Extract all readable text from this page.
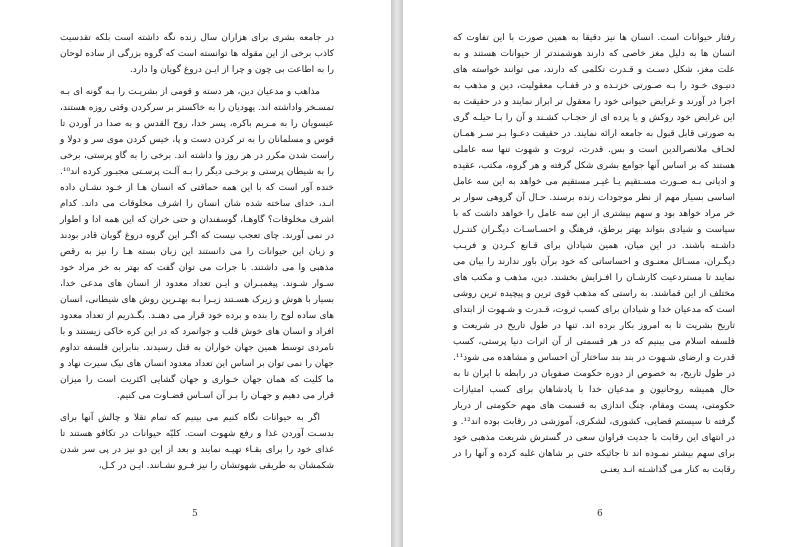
در جامعه بشری برای هزاران سال زنده نگه داشته است بلکه تقدسیت کاذب برخی از این مقوله ها توانسته است که گروه بزرگی از ساده لوحان را به اطاعت بی چون و چرا از ایـن دروغ گویان وا دارد.

مذاهب و مدعیان دین، هر دسته و قومی از بشریـت را بـه گونه ای بـه تمسـخر واداشته اند. یهودیان را به خاکستر بر سرکردن وقتی روزه هستند، عیسویان را به مـریم باکره، پسر خدا، روح القدس و به صدا در آوردن تا قوس و مسلمانان را به تر کردن دست و پا، خیس کردن موی سر و دولا و راست شدن مکرر در هر روز وا داشته اند. برخی را به گاو پرستی، برخی را به شیطان پرستی و برخـی دیگر را بـه آلـت پرسـتی مجبـور کرده اند¹⁰. خنده آور است که با این همه حماقتی که انسان هـا از خـود نشـان داده انـد، خدای ساخته شده شان انسان را اشرف مخلوقات می داند. کدام اشرف مخلوقات؟ گاوهـا، گوسفندان و حتی خران که این همه ادا و اطوار در نمی آورند. چای تعجب نیست که اگـر این گروه دروغ گویان قادر بودند و زبان این حیوانات را می دانستند این زبان بسته هـا را نیز به رقص مذهبی وا می داشتند. با جرات می توان گفت که بهتر به خر مراد خود سـوار شـوند. پیغمبـران و ایـن تعداد معدود از انسان های مدعی خدا، بسیار با هوش و زیرک هسـتند زیـرا بـه بهتـرین روش های شیطانی، انسان های ساده لوح را بنده و برده خود قرار می دهنـد. بگـذریم از تعداد معدود افراد و انسان های خوش قلب و جوانمرد که در این کره خاکی زیستند و با نامردی توسط همین جهان خواران به قتل رسیدند. بنابراین فلسفه تداوم جهان را نمی توان بر اساس این تعداد معدود انسان های نیک سیرت نهاد و ما کلیت که همان جهان خـواری و جهان گشایی اکثریت است را میزان قرار می دهیم و جهـان را بـر آن اسـاس قضـاوت می کنیم.

اگر به حیوانات نگاه کنیم می بینیم که تمام تقلا و چالش آنها برای بدسـت آوردن غذا و رفع شهوت است. کلیّه حیوانات در تکافو هستند تا غذای خود را برای بقـاء تهیـه نمایند و بعد از این دو نیز در پی سر شدن شکمشان به طریقی شهوتشان را نیز فـرو نشـانند. ایـن در کـل،

5

رفتار حیوانات است. انسان ها نیز دقیقا به همین صورت با این تفاوت که انسان ها به دلیل مغز خاصی که دارند هوشمندتر از حیوانات هستند و به علت مغز، شکل دسـت و قـدرت تکلمی که دارند، می توانند خواسته های دنیـوی خـود را بـه صـورتی خزنـده و در قفـاب معقولیت، دین و مذهب به اجرا در آورند و غرایض حیوانی خود را معقول تر ابراز نمایند و در حقیقت به این غرایض خود روکش و یا پرده ای از حجـاب کشـند و آن را بـا حیلـه گری به صورتی قابل قبول به جامعه ارائه نمایند. در حقیقت دعـوا بـر سـر همـان لحـاف ملانصرالدین است و بس. قدرت، ثروت و شهوت تنها سه عاملی هستند که بر اساس آنها جوامع بشری شکل گرفته و هر گروه، مکتب، عقیده و ادیانی بـه صـورت مسـتقیم یـا غیـر مستقیم می خواهد به این سه عامل اساسی بسیار مهم از نظر موجودات زنده برسند. حـال آن گروهی سوار بر خر مراد خواهد بود و سهم بیشتری از این سه عامل را خواهد داشت که با سیاست و شیادی بتواند بهتر برطق، فرهنگ و احسـاسـات دیگـران کنتـرل داشـته باشند. در این میان، همین شیادان برای قـانع کـردن و فریـب دیگـران، مسـائل معنـوی و احساساتی که خود برآن باور ندارند را بیان می نمایند تا مستردعیت کارشـان را افـزایش بخشند. دین، مذهب و مکتب های مختلف از این قماشند. به راستی که مذهب قوی ترین و پیچیده ترین روشی است که مدعیان خدا و شیادان برای کسب ثروت، قـدرت و شـهوت از ابتدای تاریخ بشریت تا به امروز بکار برده اند. تنها در طول تاریخ در شریعت و فلسفه اسلام می بینیم که در هر قسمتی از آن اثرات دنیا پرستی، کسب قدرت و ارضای شـهوت در بند بند ساختار آن احساس و مشاهده می شود¹¹. در طول تاریخ، به خصوص از دوره حکومت صفویان در رابطه با ایران تا به حال همیشه روحانیون و مدعیان خدا با پادشاهان برای کسب امتیازات حکومتی، پست ومقام، چنگ اندازی به قسمت های مهم حکومتی از دربار گرفته تا سیستم قضایی، کشوری، لشکری، آموزشی در رقابت بوده اند¹². و در انتهای این رقابت با جدیت فراوان سعی در گسترش شریعت مذهبی خود برای سهم بیشتر نمـوده اند تا جائیکه حتی بر شاهان غلبه کرده و آنها را در رقابت به کنار می گذاشـته انـد یعنـی

6
